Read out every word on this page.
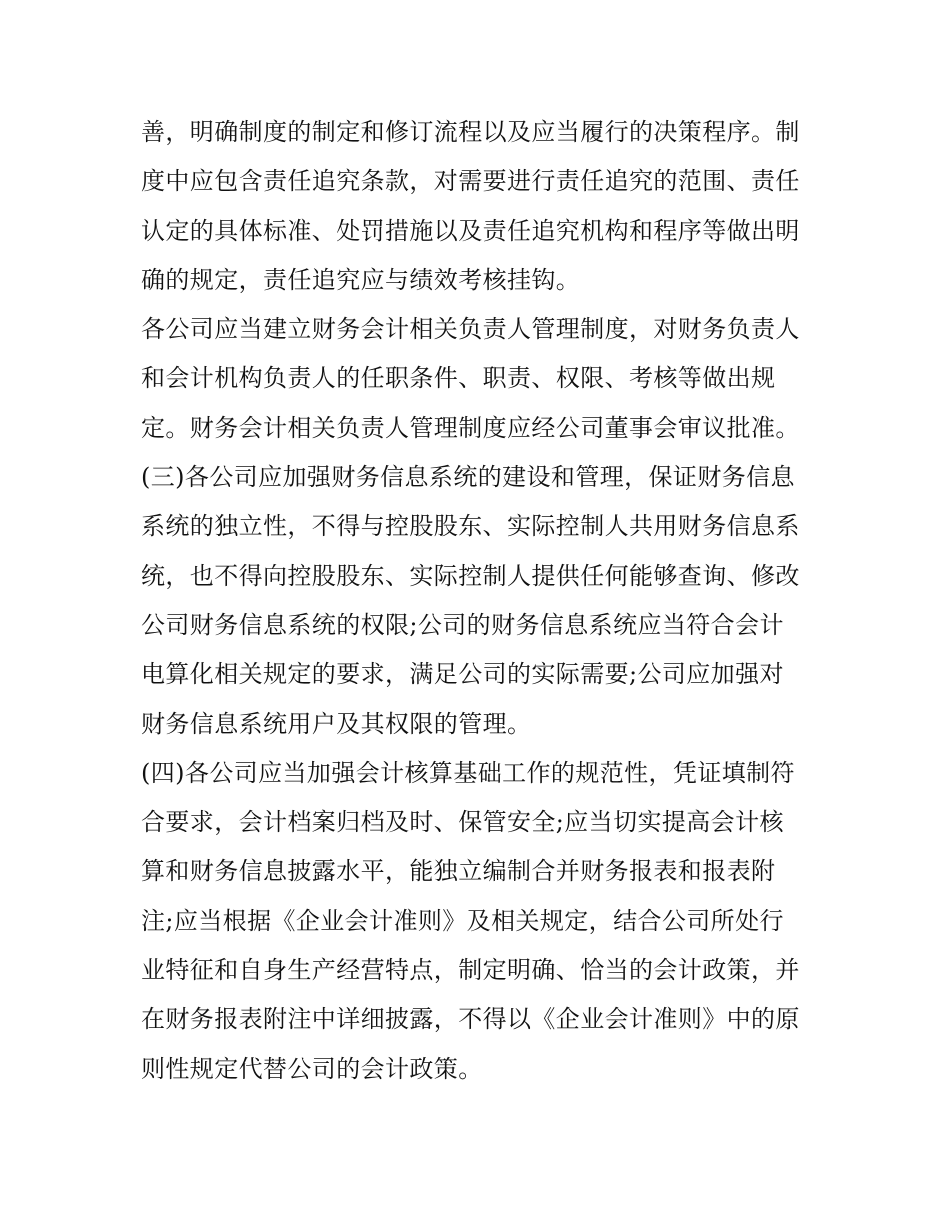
善，明确制度的制定和修订流程以及应当履行的决策程序。制
度中应包含责任追究条款，对需要进行责任追究的范围、责任
认定的具体标准、处罚措施以及责任追究机构和程序等做出明
确的规定，责任追究应与绩效考核挂钩。
各公司应当建立财务会计相关负责人管理制度，对财务负责人
和会计机构负责人的任职条件、职责、权限、考核等做出规
定。财务会计相关负责人管理制度应经公司董事会审议批准。
(三)各公司应加强财务信息系统的建设和管理，保证财务信息
系统的独立性，不得与控股股东、实际控制人共用财务信息系
统，也不得向控股股东、实际控制人提供任何能够查询、修改
公司财务信息系统的权限;公司的财务信息系统应当符合会计
电算化相关规定的要求，满足公司的实际需要;公司应加强对
财务信息系统用户及其权限的管理。
(四)各公司应当加强会计核算基础工作的规范性，凭证填制符
合要求，会计档案归档及时、保管安全;应当切实提高会计核
算和财务信息披露水平，能独立编制合并财务报表和报表附
注;应当根据《企业会计准则》及相关规定，结合公司所处行
业特征和自身生产经营特点，制定明确、恰当的会计政策，并
在财务报表附注中详细披露，不得以《企业会计准则》中的原
则性规定代替公司的会计政策。
